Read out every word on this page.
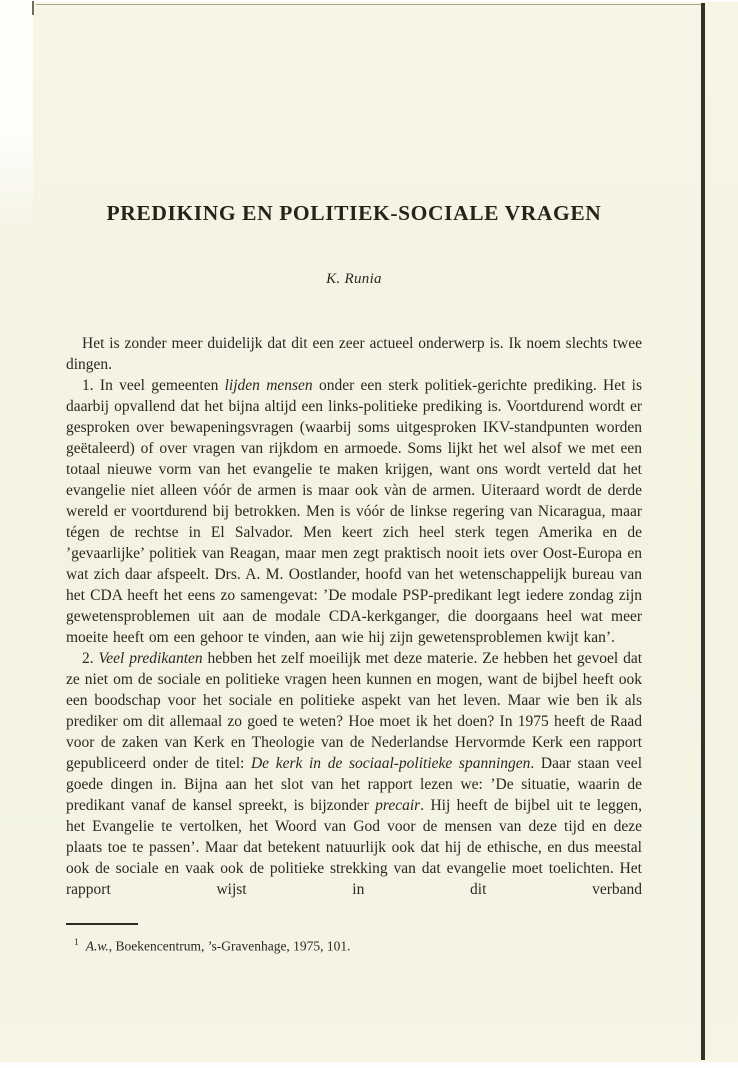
PREDIKING EN POLITIEK-SOCIALE VRAGEN
K. Runia

Het is zonder meer duidelijk dat dit een zeer actueel onderwerp is. Ik noem slechts twee dingen.

1. In veel gemeenten lijden mensen onder een sterk politiek-gerichte prediking. Het is daarbij opvallend dat het bijna altijd een links-politieke prediking is. Voortdurend wordt er gesproken over bewapeningsvragen (waarbij soms uitgesproken IKV-standpunten worden geëtaleerd) of over vragen van rijkdom en armoede. Soms lijkt het wel alsof we met een totaal nieuwe vorm van het evangelie te maken krijgen, want ons wordt verteld dat het evangelie niet alleen vóór de armen is maar ook vàn de armen. Uiteraard wordt de derde wereld er voortdurend bij betrokken. Men is vóór de linkse regering van Nicaragua, maar tégen de rechtse in El Salvador. Men keert zich heel sterk tegen Amerika en de ’gevaarlijke’ politiek van Reagan, maar men zegt praktisch nooit iets over Oost-Europa en wat zich daar afspeelt. Drs. A. M. Oostlander, hoofd van het wetenschappelijk bureau van het CDA heeft het eens zo samengevat: ’De modale PSP-predikant legt iedere zondag zijn gewetensproblemen uit aan de modale CDA-kerkganger, die doorgaans heel wat meer moeite heeft om een gehoor te vinden, aan wie hij zijn gewetensproblemen kwijt kan’.

2. Veel predikanten hebben het zelf moeilijk met deze materie. Ze hebben het gevoel dat ze niet om de sociale en politieke vragen heen kunnen en mogen, want de bijbel heeft ook een boodschap voor het sociale en politieke aspekt van het leven. Maar wie ben ik als prediker om dit allemaal zo goed te weten? Hoe moet ik het doen? In 1975 heeft de Raad voor de zaken van Kerk en Theologie van de Nederlandse Hervormde Kerk een rapport gepubliceerd onder de titel: De kerk in de sociaal-politieke spanningen. Daar staan veel goede dingen in. Bijna aan het slot van het rapport lezen we: ’De situatie, waarin de predikant vanaf de kansel spreekt, is bijzonder precair. Hij heeft de bijbel uit te leggen, het Evangelie te vertolken, het Woord van God voor de mensen van deze tijd en deze plaats toe te passen’. Maar dat betekent natuurlijk ook dat hij de ethische, en dus meestal ook de sociale en vaak ook de politieke strekking van dat evangelie moet toelichten. Het rapport wijst in dit verband

$^1$ A.w., Boekencentrum, ’s-Gravenhage, 1975, 101.
